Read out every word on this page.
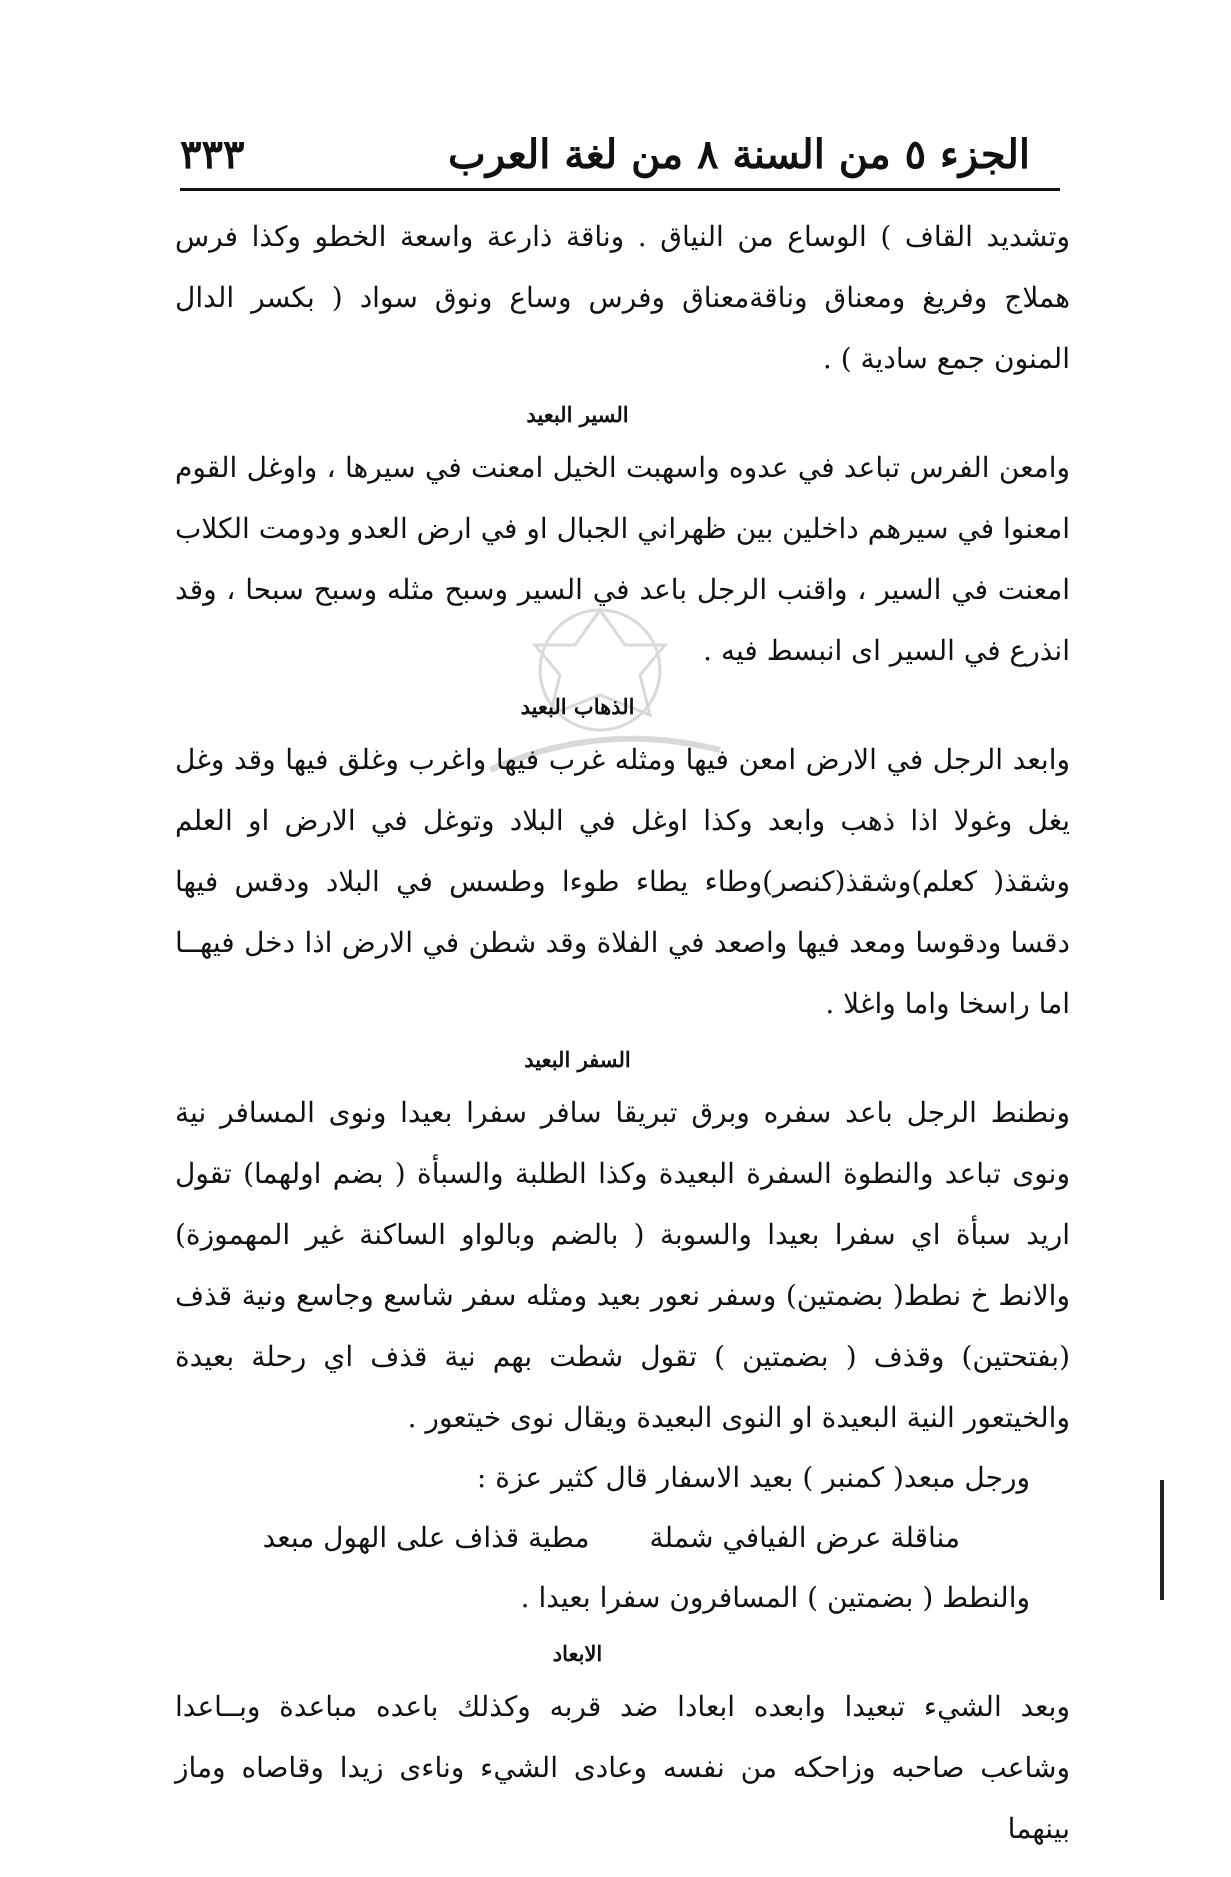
الجزء ٥ من السنة ٨ من لغة العرب
٣٣٣

وتشديد القاف ) الوساع من النياق . وناقة ذارعة واسعة الخطو وكذا فرس هملاج وفريغ ومعناق وناقةمعناق وفرس وساع ونوق سواد ( بكسر الدال المنون جمع سادية ) .

السير البعيد

وامعن الفرس تباعد في عدوه واسهبت الخيل امعنت في سيرها ، واوغل القوم امعنوا في سيرهم داخلين بين ظهراني الجبال او في ارض العدو ودومت الكلاب امعنت في السير ، واقنب الرجل باعد في السير وسبح مثله وسبح سبحا ، وقد انذرع في السير اى انبسط فيه .

الذهاب البعيد

وابعد الرجل في الارض امعن فيها ومثله غرب فيها واغرب وغلق فيها وقد وغل يغل وغولا اذا ذهب وابعد وكذا اوغل في البلاد وتوغل في الارض او العلم وشقذ( كعلم)وشقذ(كنصر)وطاء يطاء طوءا وطسس في البلاد ودقس فيها دقسا ودقوسا ومعد فيها واصعد في الفلاة وقد شطن في الارض اذا دخل فيهــا اما راسخا واما واغلا .

السفر البعيد

ونطنط الرجل باعد سفره وبرق تبريقا سافر سفرا بعيدا ونوى المسافر نية ونوى تباعد والنطوة السفرة البعيدة وكذا الطلبة والسبأة ( بضم اولهما) تقول اريد سبأة اي سفرا بعيدا والسوبة ( بالضم وبالواو الساكنة غير المهموزة) والانط خ نطط( بضمتين) وسفر نعور بعيد ومثله سفر شاسع وجاسع ونية قذف (بفتحتين) وقذف ( بضمتين ) تقول شطت بهم نية قذف اي رحلة بعيدة والخيتعور النية البعيدة او النوى البعيدة ويقال نوى خيتعور .

ورجل مبعد( كمنبر ) بعيد الاسفار قال كثير عزة :

مناقلة عرض الفيافي شملة
مطية قذاف على الهول مبعد

والنطط ( بضمتين ) المسافرون سفرا بعيدا .

الابعاد

وبعد الشيء تبعيدا وابعده ابعادا ضد قربه وكذلك باعده مباعدة وبــاعدا وشاعب صاحبه وزاحكه من نفسه وعادى الشيء وناءى زيدا وقاصاه وماز بينهما
